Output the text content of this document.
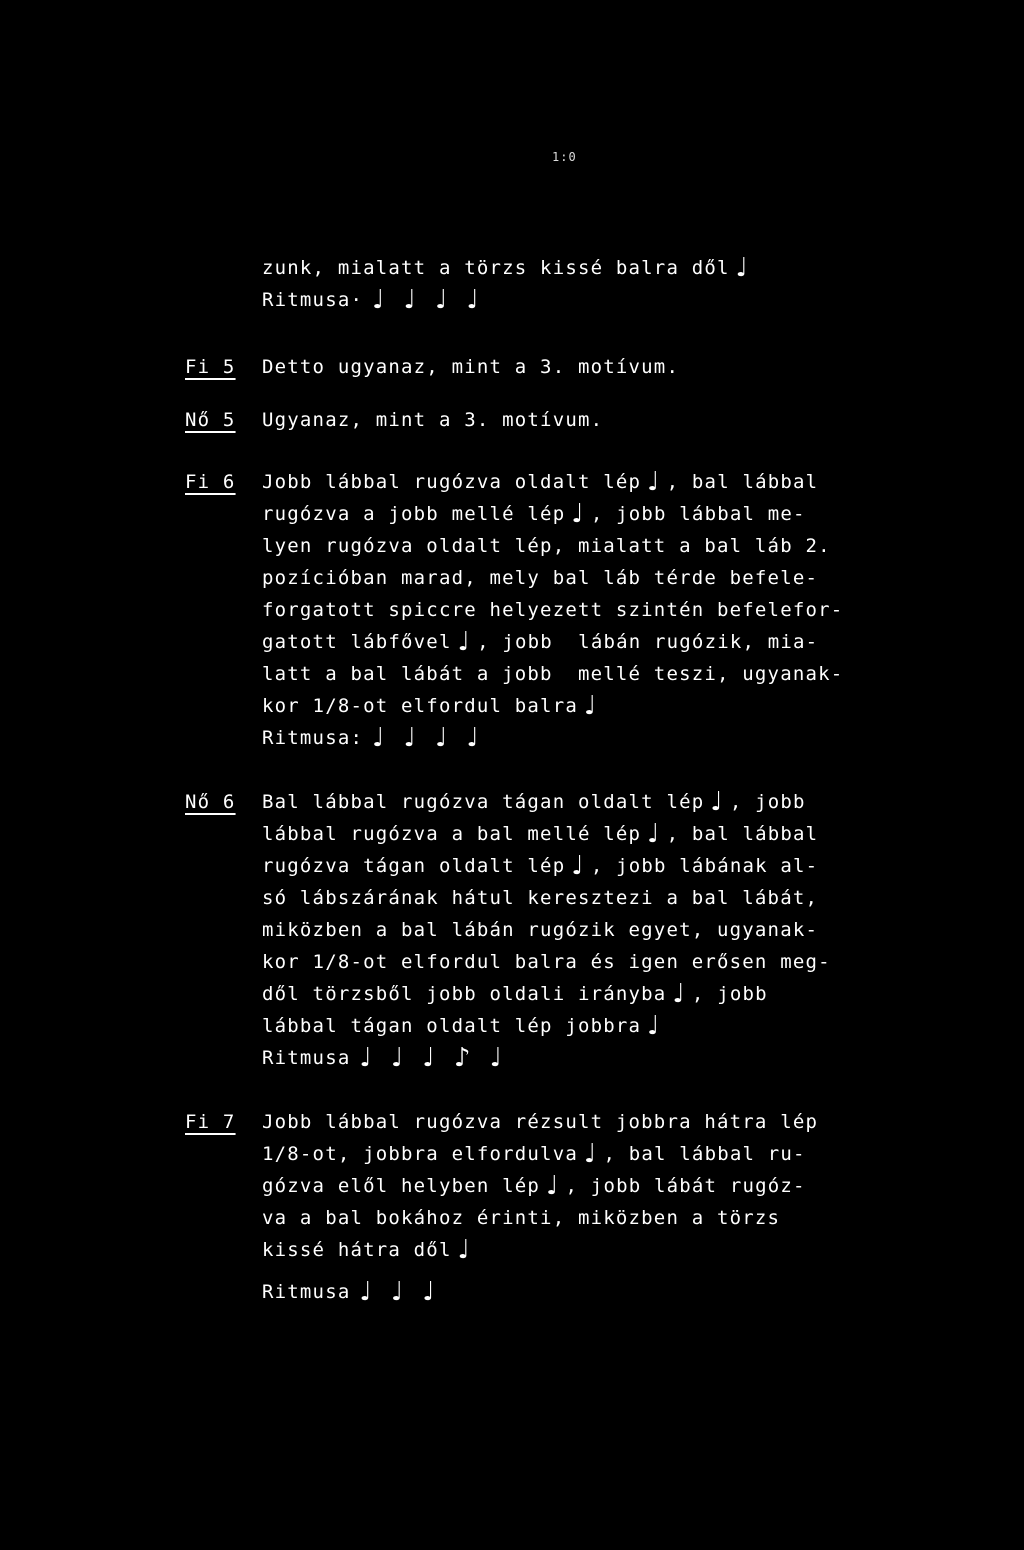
1:0
zunk, mialatt a törzs kissé balra dől ♩
Ritmusa· ♩ ♩ ♩ ♩
Fi 5 Detto ugyanaz, mint a 3. motívum.
Nő 5 Ugyanaz, mint a 3. motívum.
Fi 6 Jobb lábbal rugózva oldalt lép ♩ , bal lábbal
rugózva a jobb mellé lép ♩ , jobb lábbal me-
lyen rugózva oldalt lép, mialatt a bal láb 2.
pozícióban marad, mely bal láb térde befele-
forgatott spiccre helyezett szintén befelefor-
gatott lábfővel ♩ , jobb  lábán rugózik, mia-
latt a bal lábát a jobb  mellé teszi, ugyanak-
kor 1/8-ot elfordul balra ♩
Ritmusa: ♩ ♩ ♩ ♩
Nő 6 Bal lábbal rugózva tágan oldalt lép ♩ , jobb
lábbal rugózva a bal mellé lép ♩ , bal lábbal
rugózva tágan oldalt lép ♩ , jobb lábának al-
só lábszárának hátul keresztezi a bal lábát,
miközben a bal lábán rugózik egyet, ugyanak-
kor 1/8-ot elfordul balra és igen erősen meg-
dől törzsből jobb oldali irányba ♩ , jobb
lábbal tágan oldalt lép jobbra ♩
Ritmusa ♩ ♩ ♩ ♪ ♩
Fi 7 Jobb lábbal rugózva rézsult jobbra hátra lép
1/8-ot, jobbra elfordulva ♩ , bal lábbal ru-
gózva elől helyben lép ♩ , jobb lábát rugóz-
va a bal bokához érinti, miközben a törzs
kissé hátra dől ♩
Ritmusa ♩ ♩ ♩
